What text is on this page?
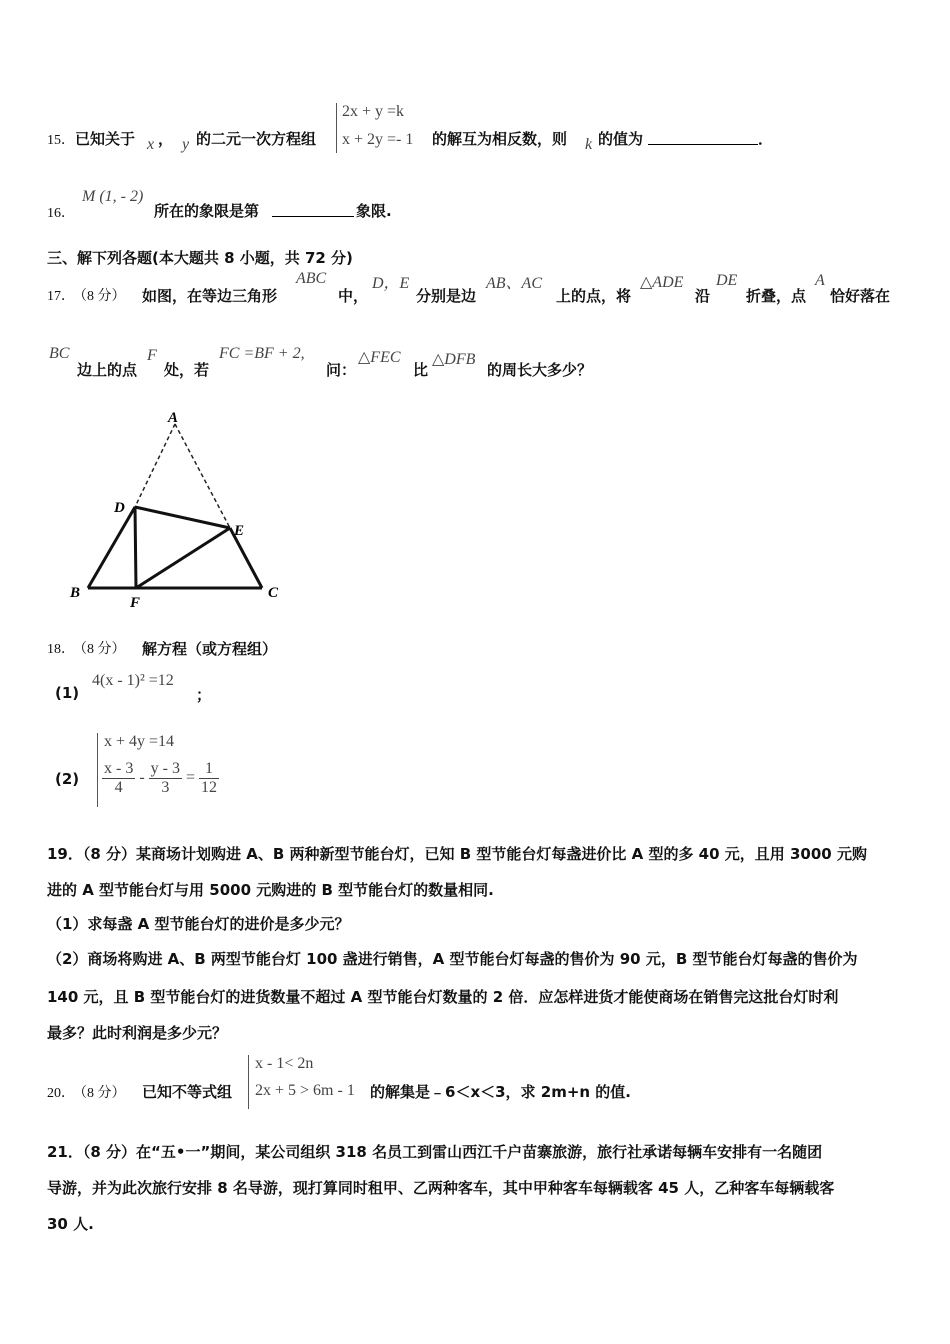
15．已知关于 x ， y 的二元一次方程组
2x + y =k
x + 2y =- 1 的解互为相反数，则 k 的值为	．
16．
M (1, - 2)
所在的象限是第	象限.
三、解下列各题(本大题共 8 小题，共 72 分)
17．
（8 分） 如图，在等边三角形
ABC
中，
D，E
分别是边
AB、AC
上的点，将
△ADE
沿
DE
折叠，点
A
恰好落在
BC
边上的点
F
处，若
FC =BF + 2,
问：
△FEC
比
△DFB
的周长大多少？
A
D
E
B
F
C
18．
（8 分） 解方程（或方程组）
(1)
4(x - 1)² =12
；
(2)
x + 4y =14
$\frac{x - 3}{4} - \frac{y - 3}{3} = \frac{1}{12}$
19．（8 分）某商场计划购进 A、B 两种新型节能台灯，已知 B 型节能台灯每盏进价比 A 型的多 40 元，且用 3000 元购
进的 A 型节能台灯与用 5000 元购进的 B 型节能台灯的数量相同.
（1）求每盏 A 型节能台灯的进价是多少元？
（2）商场将购进 A、B 两型节能台灯 100 盏进行销售，A 型节能台灯每盏的售价为 90 元，B 型节能台灯每盏的售价为
140 元，且 B 型节能台灯的进货数量不超过 A 型节能台灯数量的 2 倍．应怎样进货才能使商场在销售完这批台灯时利
最多？此时利润是多少元？
20．
（8 分） 已知不等式组
x - 1< 2n
2x + 5 > 6m - 1 的解集是﹣6＜x＜3，求 2m+n 的值.
21．（8 分）在“五•一”期间，某公司组织 318 名员工到雷山西江千户苗寨旅游，旅行社承诺每辆车安排有一名随团
导游，并为此次旅行安排 8 名导游，现打算同时租甲、乙两种客车，其中甲种客车每辆载客 45 人，乙种客车每辆载客
30 人.
